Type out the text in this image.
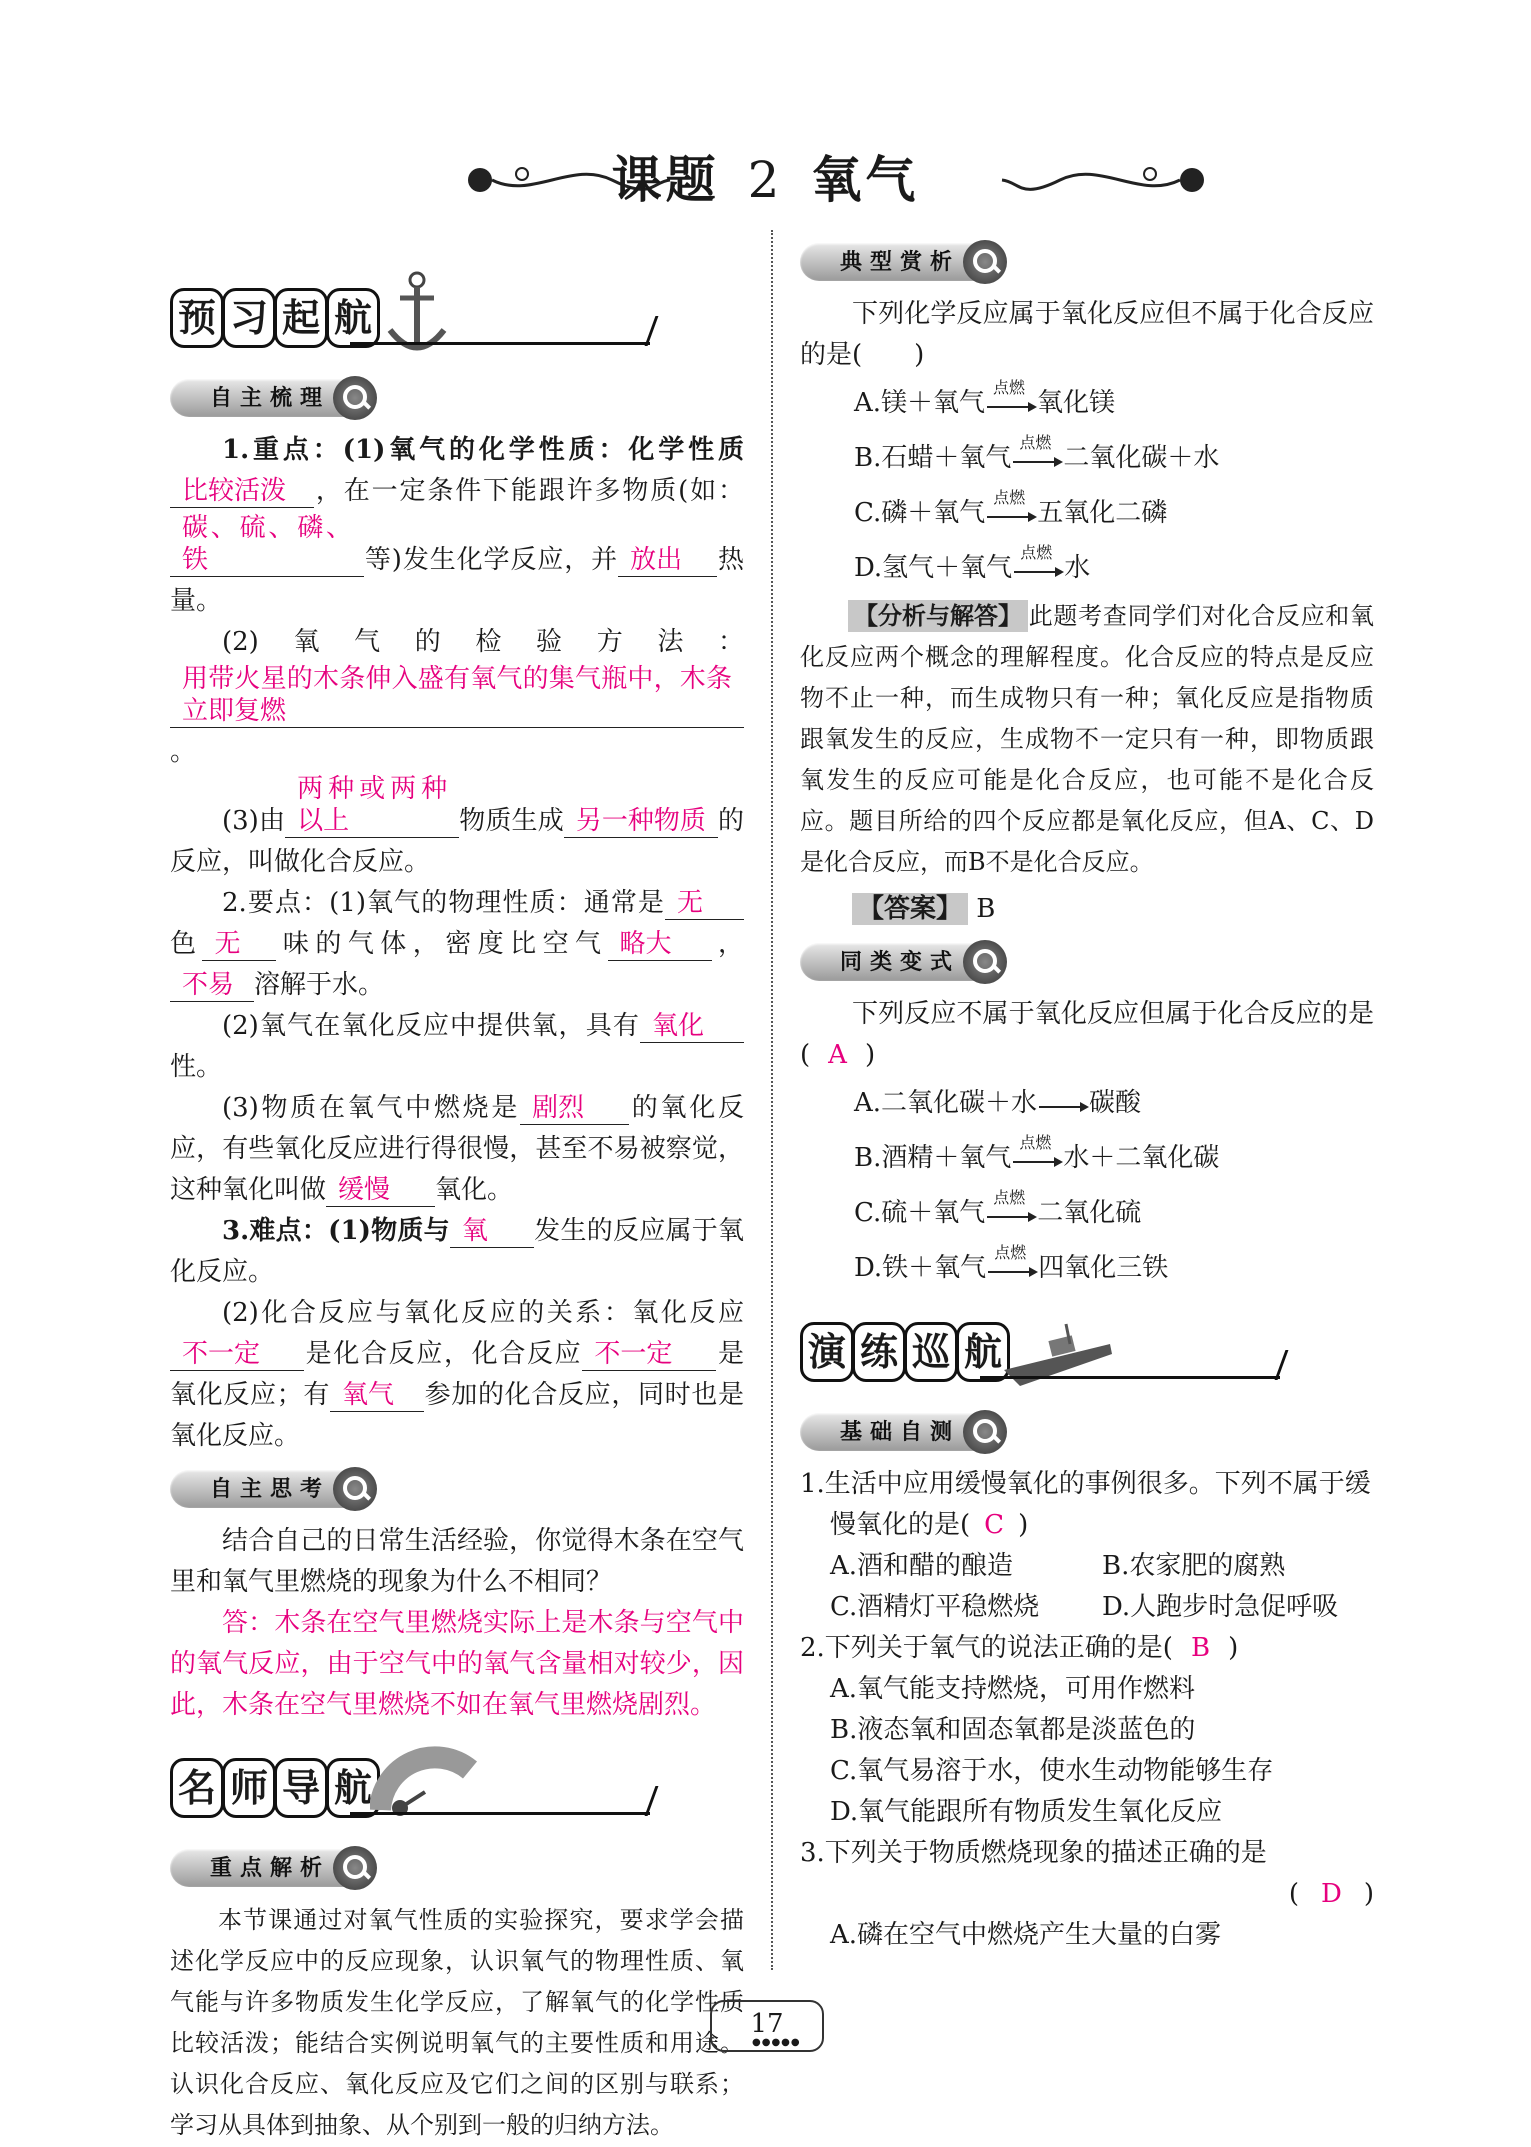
课题 2 氧气
预 习 起 航
自主梳理

1.重点：(1)氧气的化学性质：化学性质比较活泼 ，在一定条件下能跟许多物质(如：碳、硫、磷、铁	等)发生化学反应，并 放出 热量。

(2)氧气的检验方法：用带火星的木条伸入盛有氧气的集气瓶中，木条立即复燃。

(3)由两种或两种以上	物质生成 另一种物质 的反应，叫做化合反应。

2.要点：(1)氧气的物理性质：通常是 无色 无 味的气体，密度比空气 略大 ，不易 溶解于水。

(2)氧气在氧化反应中提供氧，具有 氧化性。

(3)物质在氧气中燃烧是 剧烈 的氧化反应，有些氧化反应进行得很慢，甚至不易被察觉，这种氧化叫做 缓慢 氧化。

3.难点：(1)物质与 氧 发生的反应属于氧化反应。

(2)化合反应与氧化反应的关系：氧化反应不一定 是化合反应，化合反应 不一定 是氧化反应；有 氧气 参加的化合反应，同时也是氧化反应。

自主思考

结合自己的日常生活经验，你觉得木条在空气里和氧气里燃烧的现象为什么不相同？

答：木条在空气里燃烧实际上是木条与空气中的氧气反应，由于空气中的氧气含量相对较少，因此，木条在空气里燃烧不如在氧气里燃烧剧烈。

名 师 导 航
重点解析

本节课通过对氧气性质的实验探究，要求学会描述化学反应中的反应现象，认识氧气的物理性质、氧气能与许多物质发生化学反应，了解氧气的化学性质比较活泼；能结合实例说明氧气的主要性质和用途。认识化合反应、氧化反应及它们之间的区别与联系；学习从具体到抽象、从个别到一般的归纳方法。

典型赏析

下列化学反应属于氧化反应但不属于化合反应的是(　　)

A.镁＋氧气
点燃
氧化镁

B.石蜡＋氧气
点燃
二氧化碳＋水

C.磷＋氧气
点燃
五氧化二磷

D.氢气＋氧气
点燃
水

【分析与解答】 此题考查同学们对化合反应和氧化反应两个概念的理解程度。化合反应的特点是反应物不止一种，而生成物只有一种；氧化反应是指物质跟氧发生的反应，生成物不一定只有一种，即物质跟氧发生的反应可能是化合反应，也可能不是化合反应。题目所给的四个反应都是氧化反应，但A、C、D是化合反应，而B不是化合反应。

【答案】 B

同类变式

下列反应不属于氧化反应但属于化合反应的是( A )

A.二氧化碳＋水 → 碳酸

B.酒精＋氧气
点燃
水＋二氧化碳

C.硫＋氧气
点燃
二氧化硫

D.铁＋氧气
点燃
四氧化三铁

演 练 巡 航
基础自测

1.生活中应用缓慢氧化的事例很多。下列不属于缓慢氧化的是( C )

A.酒和醋的酿造	B.农家肥的腐熟
C.酒精灯平稳燃烧	D.人跑步时急促呼吸

2.下列关于氧气的说法正确的是( B )

A.氧气能支持燃烧，可用作燃料

B.液态氧和固态氧都是淡蓝色的

C.氧气易溶于水，使水生动物能够生存

D.氧气能跟所有物质发生氧化反应

3.下列关于物质燃烧现象的描述正确的是

( D )

A.磷在空气中燃烧产生大量的白雾

17
●●●●●
